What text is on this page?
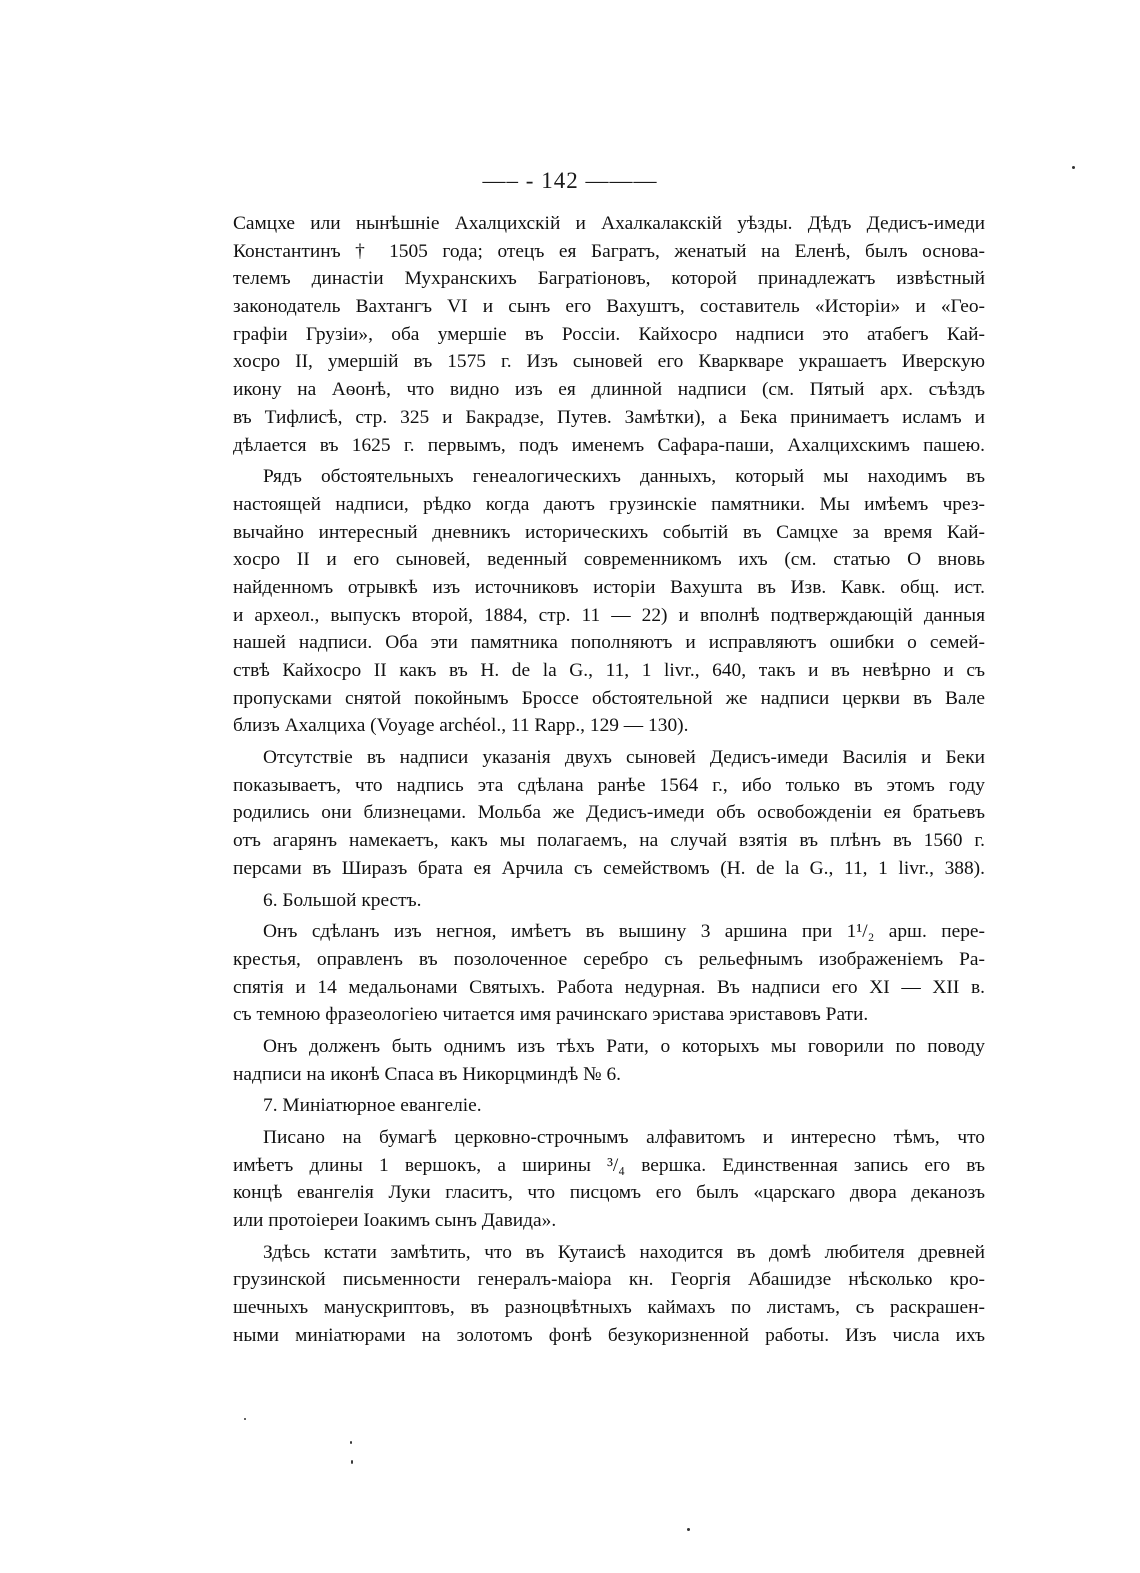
—– - 142 ———
Самцхе или нынѣшніе Ахалцихскій и Ахалкалакскій уѣзды. Дѣдъ Дедисъ-имеди
Константинъ † 1505 года; отецъ ея Багратъ, женатый на Еленѣ, былъ основа-
телемъ династіи Мухранскихъ Багратіоновъ, которой принадлежатъ извѣстный
законодатель Вахтангъ VI и сынъ его Вахуштъ, составитель «Исторіи» и «Гео-
графіи Грузіи», оба умершіе въ Россіи. Кайхосро надписи это атабегъ Кай-
хосро II, умершій въ 1575 г. Изъ сыновей его Кваркваре украшаетъ Иверскую
икону на Аѳонѣ, что видно изъ ея длинной надписи (см. Пятый арх. съѣздъ
въ Тифлисѣ, стр. 325 и Бакрадзе, Путев. Замѣтки), а Бека принимаетъ исламъ и
дѣлается въ 1625 г. первымъ, подъ именемъ Сафара-паши, Ахалцихскимъ пашею.
Рядъ обстоятельныхъ генеалогическихъ данныхъ, который мы находимъ въ
настоящей надписи, рѣдко когда даютъ грузинскіе памятники. Мы имѣемъ чрез-
вычайно интересный дневникъ историческихъ событій въ Самцхе за время Кай-
хосро II и его сыновей, веденный современникомъ ихъ (см. статью О вновь
найденномъ отрывкѣ изъ источниковъ исторіи Вахушта въ Изв. Кавк. общ. ист.
и археол., выпускъ второй, 1884, стр. 11 — 22) и вполнѣ подтверждающій данныя
нашей надписи. Оба эти памятника пополняютъ и исправляютъ ошибки о семей-
ствѣ Кайхосро II какъ въ H. de la G., 11, 1 livr., 640, такъ и въ невѣрно и съ
пропусками снятой покойнымъ Броссе обстоятельной же надписи церкви въ Вале
близъ Ахалциха (Voyage archéol., 11 Rapp., 129 — 130).
Отсутствіе въ надписи указанія двухъ сыновей Дедисъ-имеди Василія и Беки
показываетъ, что надпись эта сдѣлана ранѣе 1564 г., ибо только въ этомъ году
родились они близнецами. Мольба же Дедисъ-имеди объ освобожденіи ея братьевъ
отъ агарянъ намекаетъ, какъ мы полагаемъ, на случай взятія въ плѣнъ въ 1560 г.
персами въ Ширазъ брата ея Арчила съ семействомъ (H. de la G., 11, 1 livr., 388).
6. Большой крестъ.
Онъ сдѣланъ изъ негноя, имѣетъ въ вышину 3 аршина при 1¹/₂ арш. пере-
крестья, оправленъ въ позолоченное серебро съ рельефнымъ изображеніемъ Ра-
спятія и 14 медальонами Святыхъ. Работа недурная. Въ надписи его XI — XII в.
съ темною фразеологіею читается имя рачинскаго эристава эриставовъ Рати.
Онъ долженъ быть однимъ изъ тѣхъ Рати, о которыхъ мы говорили по поводу
надписи на иконѣ Спаса въ Никорцминдѣ № 6.
7. Миніатюрное евангеліе.
Писано на бумагѣ церковно-строчнымъ алфавитомъ и интересно тѣмъ, что
имѣетъ длины 1 вершокъ, а ширины ³/₄ вершка. Единственная запись его въ
концѣ евангелія Луки гласитъ, что писцомъ его былъ «царскаго двора деканозъ
или протоіереи Іоакимъ сынъ Давида».
Здѣсь кстати замѣтить, что въ Кутаисѣ находится въ домѣ любителя древней
грузинской письменности генералъ-маіора кн. Георгія Абашидзе нѣсколько кро-
шечныхъ манускриптовъ, въ разноцвѣтныхъ каймахъ по листамъ, съ раскрашен-
ными миніатюрами на золотомъ фонѣ безукоризненной работы. Изъ числа ихъ
